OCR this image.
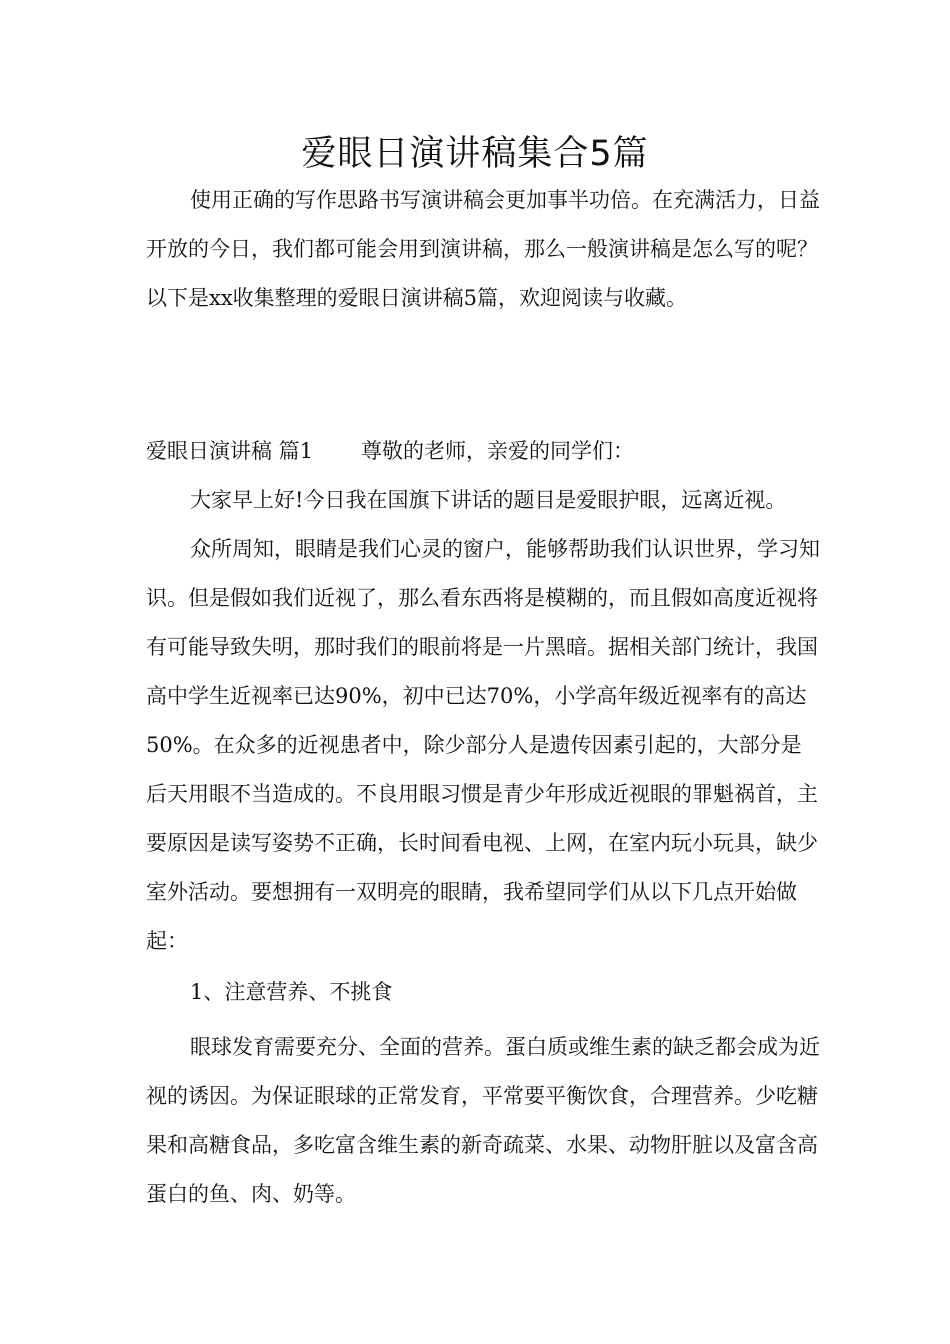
爱眼日演讲稿集合5篇

使用正确的写作思路书写演讲稿会更加事半功倍。在充满活力，日益开放的今日，我们都可能会用到演讲稿，那么一般演讲稿是怎么写的呢？以下是xx收集整理的爱眼日演讲稿5篇，欢迎阅读与收藏。

爱眼日演讲稿 篇1 尊敬的老师，亲爱的同学们：

大家早上好!今日我在国旗下讲话的题目是爱眼护眼，远离近视。

众所周知，眼睛是我们心灵的窗户，能够帮助我们认识世界，学习知识。但是假如我们近视了，那么看东西将是模糊的，而且假如高度近视将有可能导致失明，那时我们的眼前将是一片黑暗。据相关部门统计，我国高中学生近视率已达90%，初中已达70%，小学高年级近视率有的高达50%。在众多的近视患者中，除少部分人是遗传因素引起的，大部分是后天用眼不当造成的。不良用眼习惯是青少年形成近视眼的罪魁祸首，主要原因是读写姿势不正确，长时间看电视、上网，在室内玩小玩具，缺少室外活动。要想拥有一双明亮的眼睛，我希望同学们从以下几点开始做起：

1、注意营养、不挑食

眼球发育需要充分、全面的营养。蛋白质或维生素的缺乏都会成为近视的诱因。为保证眼球的正常发育，平常要平衡饮食，合理营养。少吃糖果和高糖食品，多吃富含维生素的新奇疏菜、水果、动物肝脏以及富含高蛋白的鱼、肉、奶等。
